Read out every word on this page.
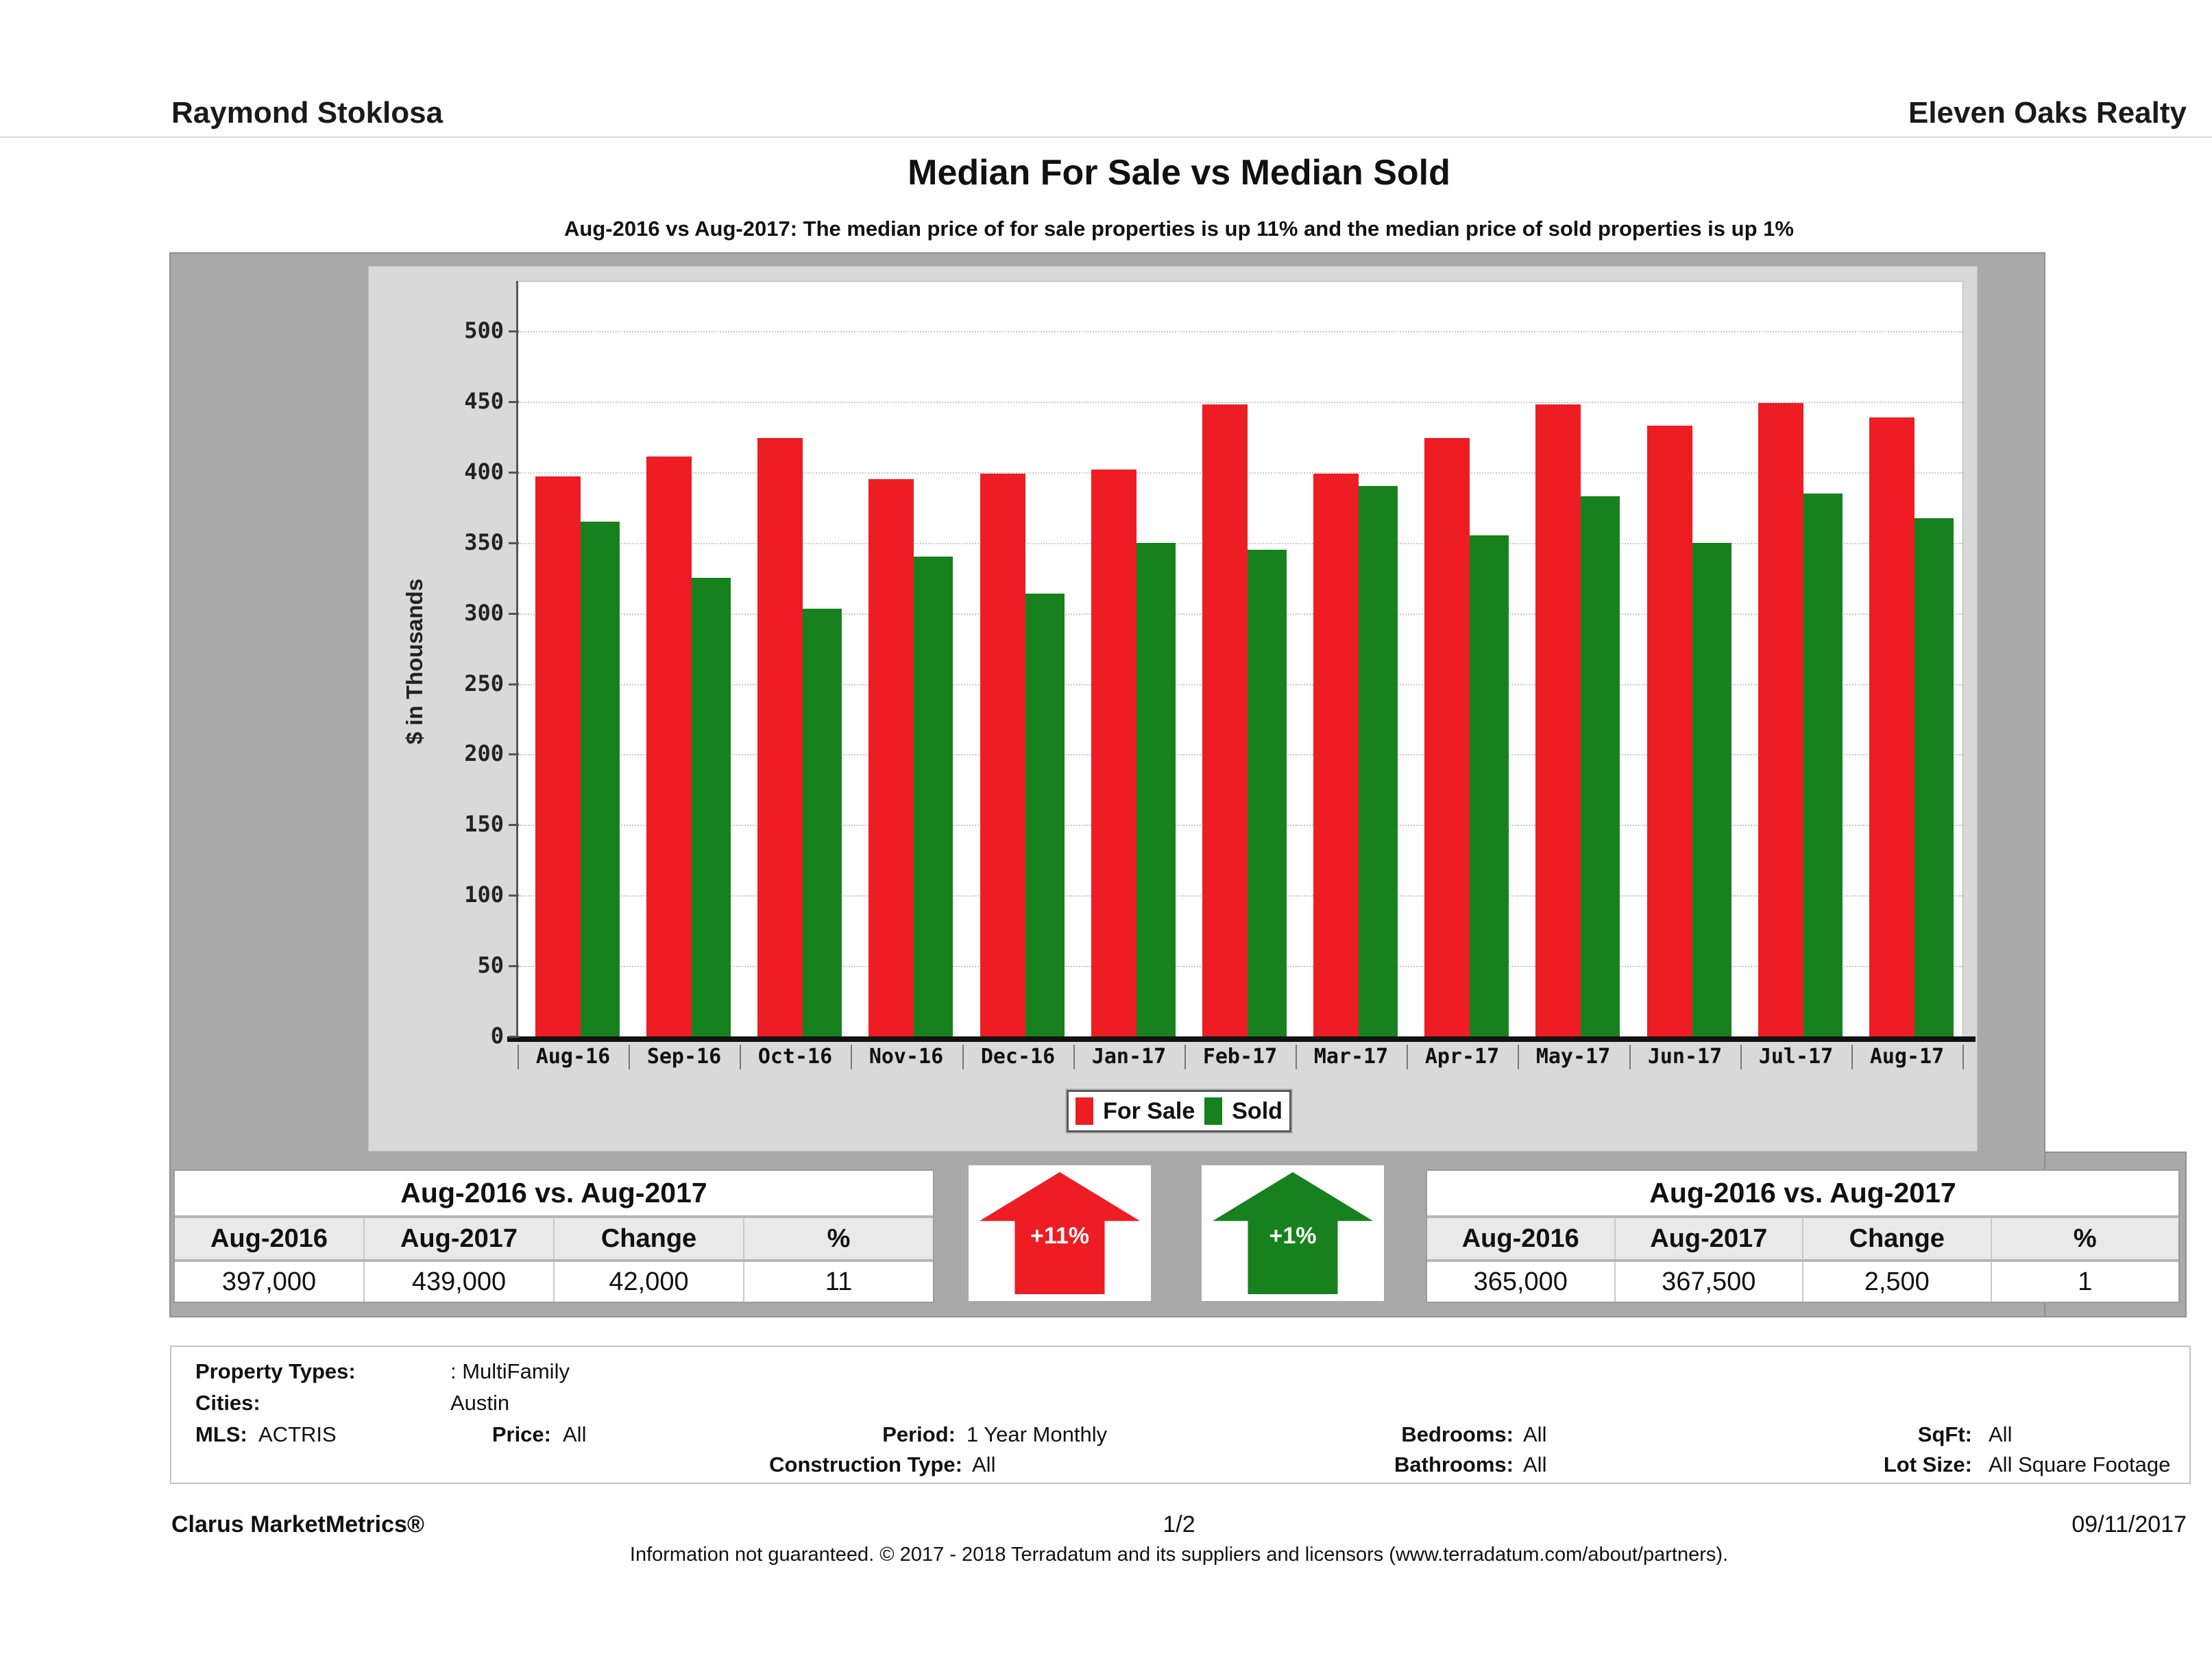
Raymond Stoklosa	Eleven Oaks Realty
Median For Sale vs Median Sold
Aug-2016 vs Aug-2017: The median price of for sale properties is up 11% and the median price of sold properties is up 1%
0
50
100
150
200
250
300
350
400
450
500
$ in Thousands
Aug-16	Sep-16	Oct-16	Nov-16	Dec-16	Jan-17	Feb-17	Mar-17	Apr-17	May-17	Jun-17	Jul-17	Aug-17
For Sale Sold
Aug-2016 vs. Aug-2017
Aug-2016	Aug-2017	Change	%
397,000	439,000	42,000	11
+11%	+1%
Aug-2016 vs. Aug-2017
Aug-2016	Aug-2017	Change	%
365,000	367,500	2,500	1
Property Types:	: MultiFamily
Cities:	Austin
MLS: ACTRIS	Price: All	Period: 1 Year Monthly	Bedrooms: All	SqFt: All
Construction Type: All	Bathrooms: All	Lot Size: All Square Footage
Clarus MarketMetrics®	1/2	09/11/2017
Information not guaranteed. © 2017 - 2018 Terradatum and its suppliers and licensors (www.terradatum.com/about/partners).
